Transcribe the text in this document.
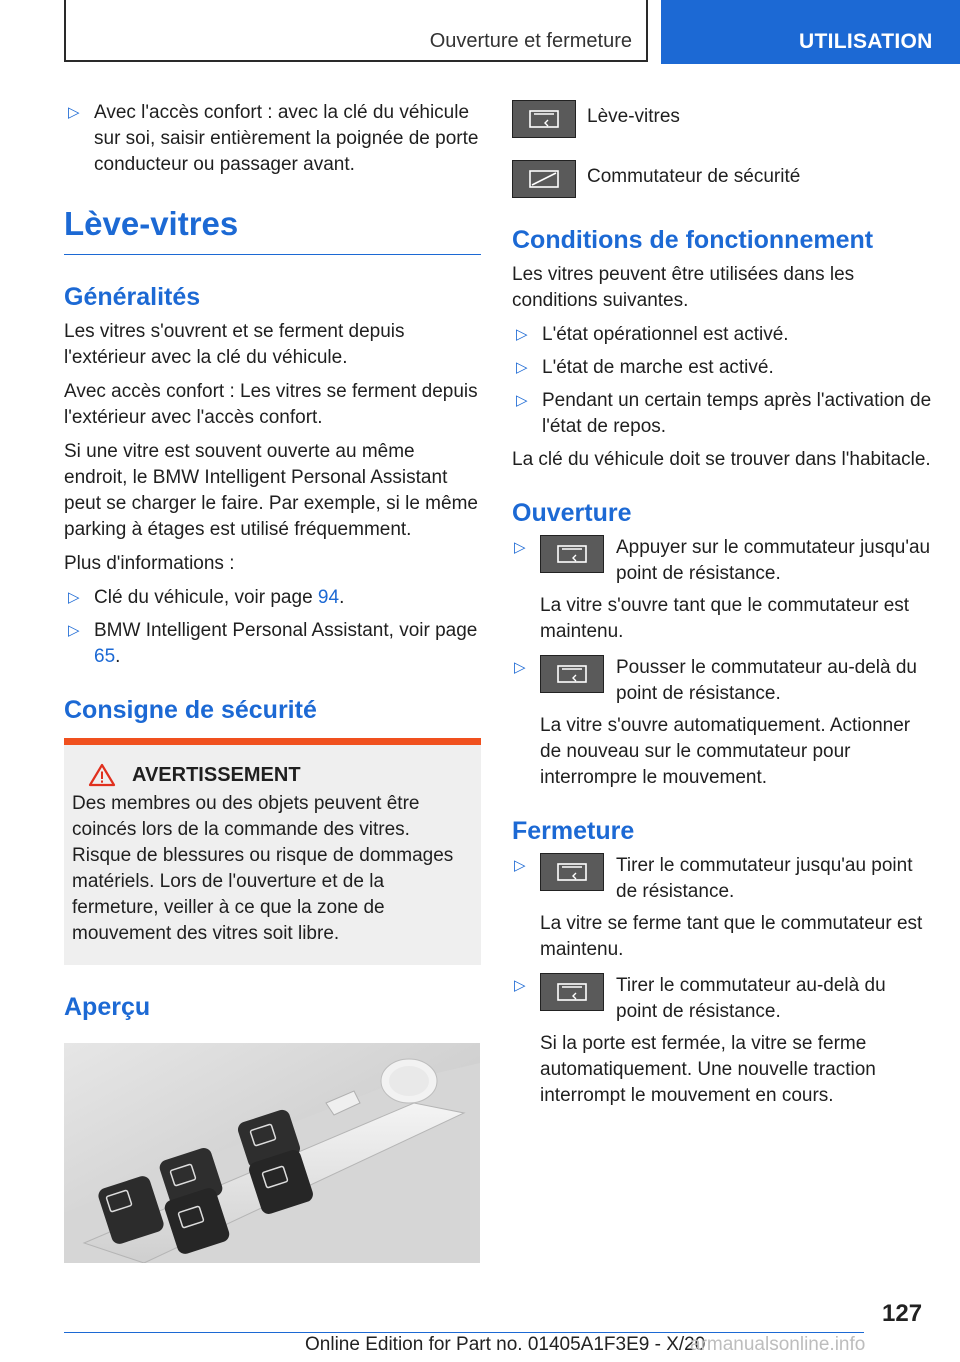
Ouverture et fermeture	UTILISATION
▷ Avec l'accès confort : avec la clé du véhicule sur soi, saisir entièrement la poignée de porte conducteur ou passager avant.
Lève-vitres
Généralités

Les vitres s'ouvrent et se ferment depuis l'extérieur avec la clé du véhicule.

Avec accès confort : Les vitres se ferment depuis l'extérieur avec l'accès confort.

Si une vitre est souvent ouverte au même endroit, le BMW Intelligent Personal Assistant peut se charger le faire. Par exemple, si le même parking à étages est utilisé fréquemment.

Plus d'informations :

▷ Clé du véhicule, voir page 94.
▷ BMW Intelligent Personal Assistant, voir page 65.
Consigne de sécurité
AVERTISSEMENT

Des membres ou des objets peuvent être coincés lors de la commande des vitres. Risque de blessures ou risque de dommages matériels. Lors de l'ouverture et de la fermeture, veiller à ce que la zone de mouvement des vitres soit libre.

Aperçu
Lève-vitres
Commutateur de sécurité
Conditions de fonctionnement

Les vitres peuvent être utilisées dans les conditions suivantes.

▷ L'état opérationnel est activé.
▷ L'état de marche est activé.
▷ Pendant un certain temps après l'activation de l'état de repos.

La clé du véhicule doit se trouver dans l'habitacle.

Ouverture
▷	Appuyer sur le commutateur jusqu'au point de résistance.
La vitre s'ouvre tant que le commutateur est maintenu.
▷	Pousser le commutateur au-delà du point de résistance.
La vitre s'ouvre automatiquement. Actionner de nouveau sur le commutateur pour interrompre le mouvement.
Fermeture
▷	Tirer le commutateur jusqu'au point de résistance.
La vitre se ferme tant que le commutateur est maintenu.
▷	Tirer le commutateur au-delà du point de résistance.
Si la porte est fermée, la vitre se ferme automatiquement. Une nouvelle traction interrompt le mouvement en cours.
127
Online Edition for Part no. 01405A1F3E9 - X/20
armanualsonline.info
